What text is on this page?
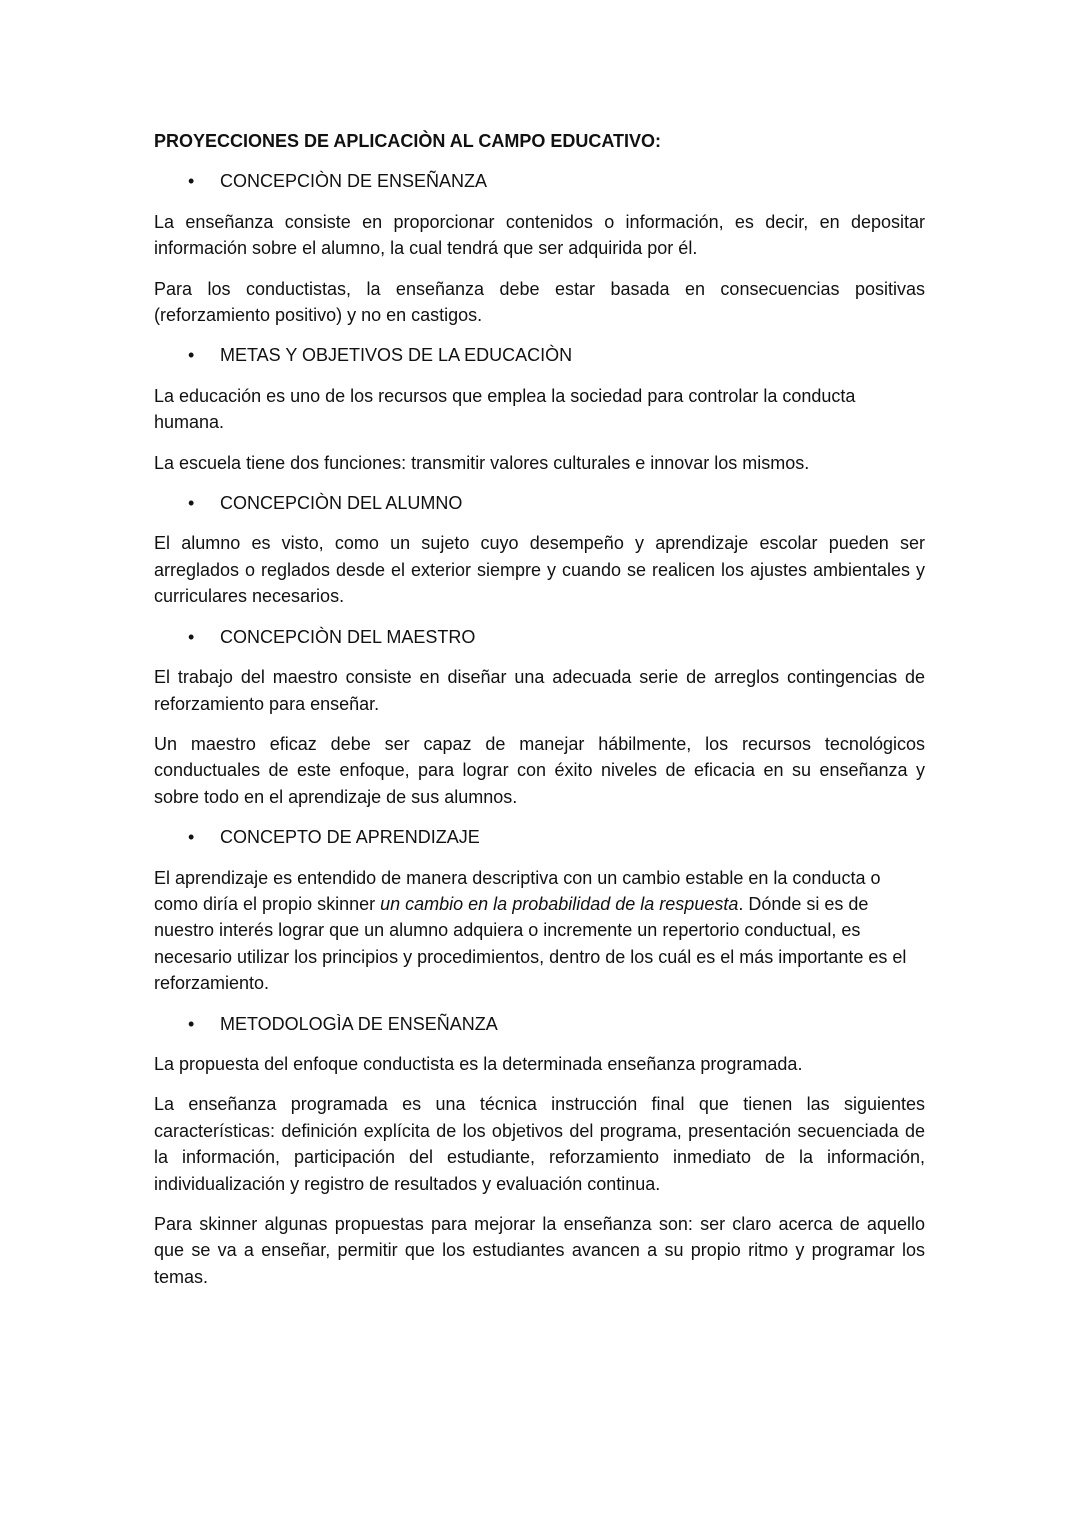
PROYECCIONES DE APLICACIÒN AL CAMPO EDUCATIVO:
• CONCEPCIÒN DE ENSEÑANZA

La enseñanza consiste en proporcionar contenidos o información, es decir, en depositar información sobre el alumno, la cual tendrá que ser adquirida por él.

Para los conductistas, la enseñanza debe estar basada en consecuencias positivas (reforzamiento positivo) y no en castigos.

• METAS Y OBJETIVOS DE LA EDUCACIÒN

La educación es uno de los recursos que emplea la sociedad para controlar la conducta humana.

La escuela tiene dos funciones: transmitir valores culturales e innovar los mismos.

• CONCEPCIÒN DEL ALUMNO

El alumno es visto, como un sujeto cuyo desempeño y aprendizaje escolar pueden ser arreglados o reglados desde el exterior siempre y cuando se realicen los ajustes ambientales y curriculares necesarios.

• CONCEPCIÒN DEL MAESTRO

El trabajo del maestro consiste en diseñar una adecuada serie de arreglos contingencias de reforzamiento para enseñar.

Un maestro eficaz debe ser capaz de manejar hábilmente, los recursos tecnológicos conductuales de este enfoque, para lograr con éxito niveles de eficacia en su enseñanza y sobre todo en el aprendizaje de sus alumnos.

• CONCEPTO DE APRENDIZAJE

El aprendizaje es entendido de manera descriptiva con un cambio estable en la conducta o como diría el propio skinner un cambio en la probabilidad de la respuesta. Dónde si es de nuestro interés lograr que un alumno adquiera o incremente un repertorio conductual, es necesario utilizar los principios y procedimientos, dentro de los cuál es el más importante es el reforzamiento.

• METODOLOGÌA DE ENSEÑANZA

La propuesta del enfoque conductista es la determinada enseñanza programada.

La enseñanza programada es una técnica instrucción final que tienen las siguientes características: definición explícita de los objetivos del programa, presentación secuenciada de la información, participación del estudiante, reforzamiento inmediato de la información, individualización y registro de resultados y evaluación continua.

Para skinner algunas propuestas para mejorar la enseñanza son: ser claro acerca de aquello que se va a enseñar, permitir que los estudiantes avancen a su propio ritmo y programar los temas.
